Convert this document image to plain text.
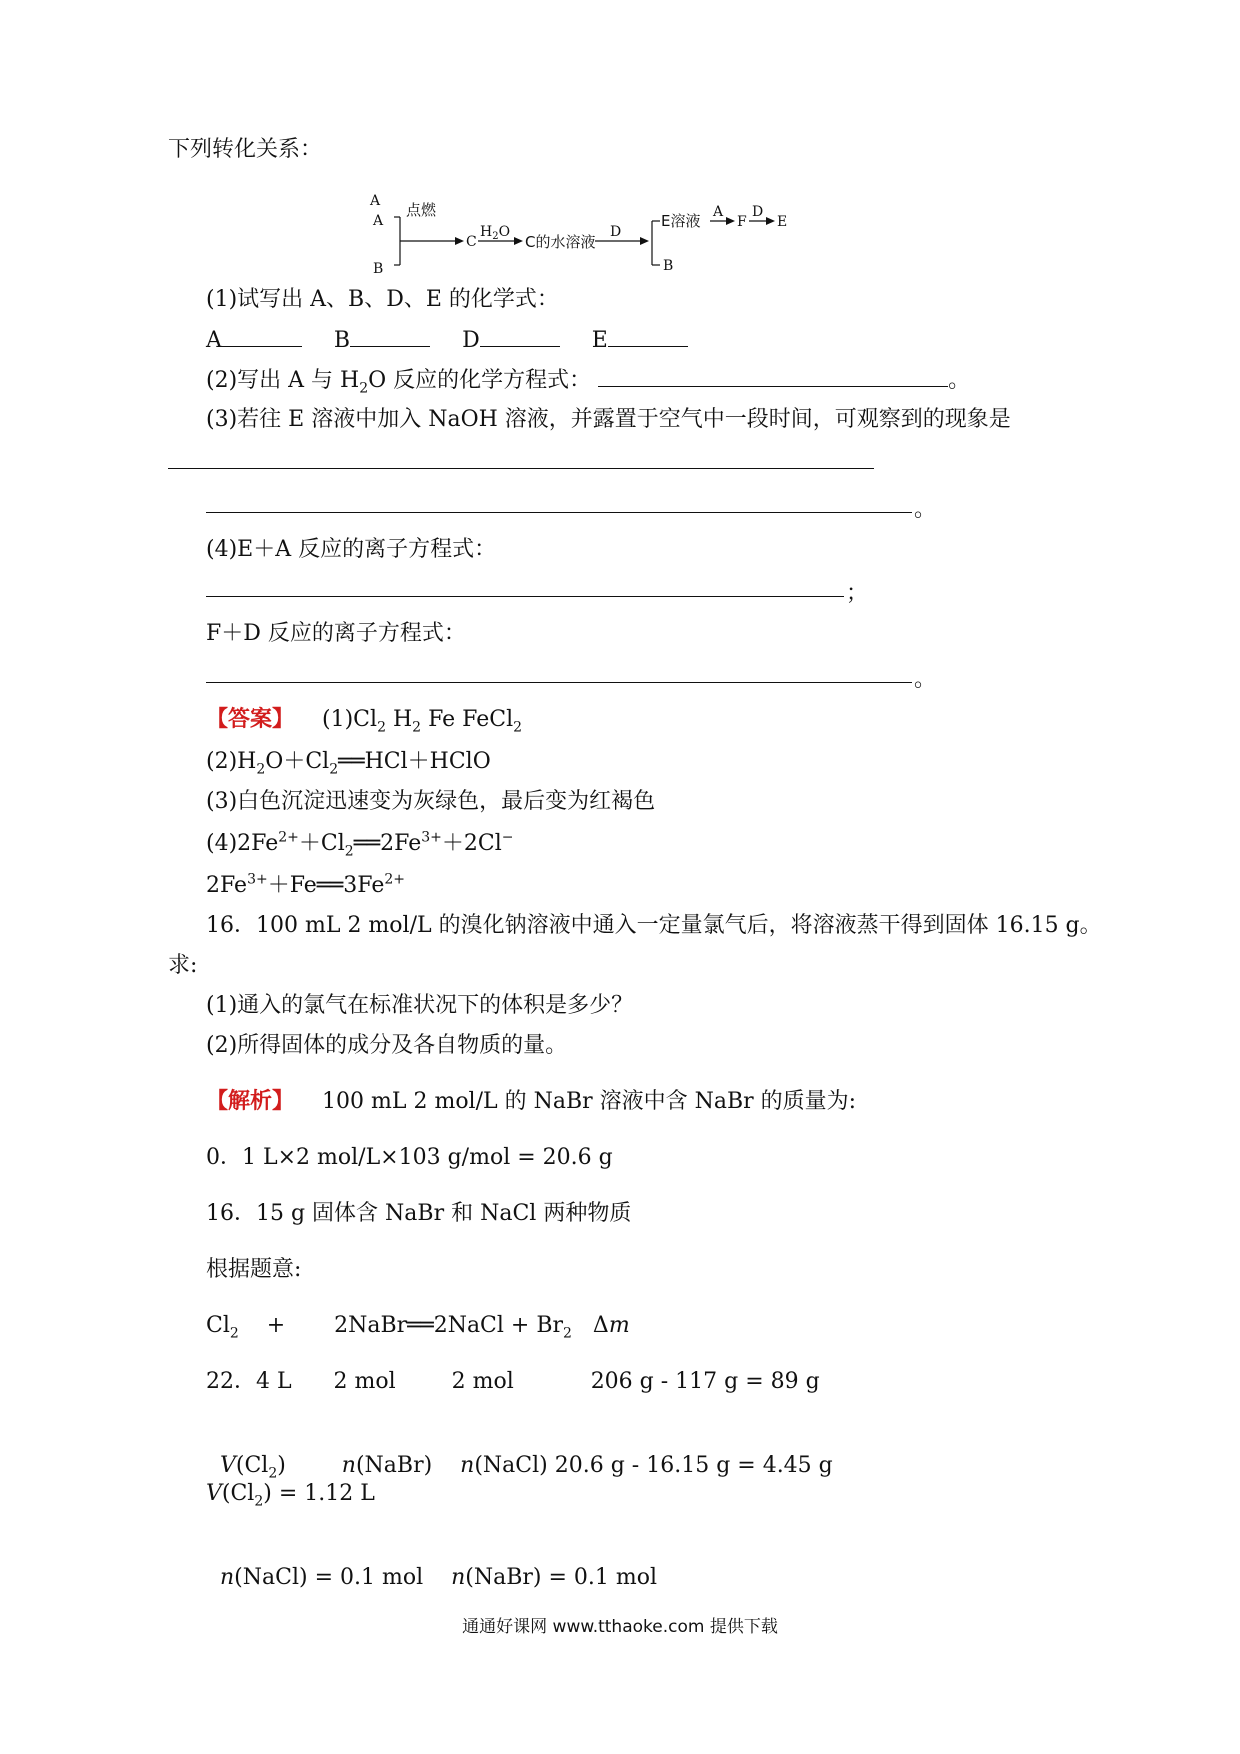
下列转化关系：
A 点燃
C
$H_2O$
C的水溶液
D
E溶液 A
F
D
E
B
A
B
(1)试写出 A、B、D、E 的化学式：
A	B	D	E
(2)写出 A 与 $H_2O$ 反应的化学方程式：	。
(3)若往 E 溶液中加入 NaOH 溶液，并露置于空气中一段时间，可观察到的现象是
。
(4)E＋A 反应的离子方程式：
；
F＋D 反应的离子方程式：
。
【答案】 $(1)Cl_2$ $H_2$ Fe FeCl$_2$
$(2)H_2O+Cl_2══HCl+HClO$
(3)白色沉淀迅速变为灰绿色，最后变为红褐色
$(4)2Fe^{2+}+Cl_2══2Fe^{3+}+2Cl^-$
$2Fe^{3+}+Fe══3Fe^{2+}$
16．100 mL 2 mol/L 的溴化钠溶液中通入一定量氯气后，将溶液蒸干得到固体 16.15 g。
求:
(1)通入的氯气在标准状况下的体积是多少？
(2)所得固体的成分及各自物质的量。
【解析】 100 mL 2 mol/L 的 NaBr 溶液中含 NaBr 的质量为:
0．1 L×2 mol/L×103 g/mol = 20.6 g
16．15 g 固体含 NaBr 和 NaCl 两种物质
根据题意:
$Cl_2$    +       2NaBr══2NaCl + $Br_2$   Δm
22．4 L      2 mol        2 mol           206 g - 117 g = 89 g

$V(Cl_2)$        n(NaBr)    n(NaCl) 20.6 g - 16.15 g = 4.45 g

$V(Cl_2) = 1.12$ L

n(NaCl) = 0.1 mol    n(NaBr) = 0.1 mol

通通好课网 www.tthaoke.com 提供下载
